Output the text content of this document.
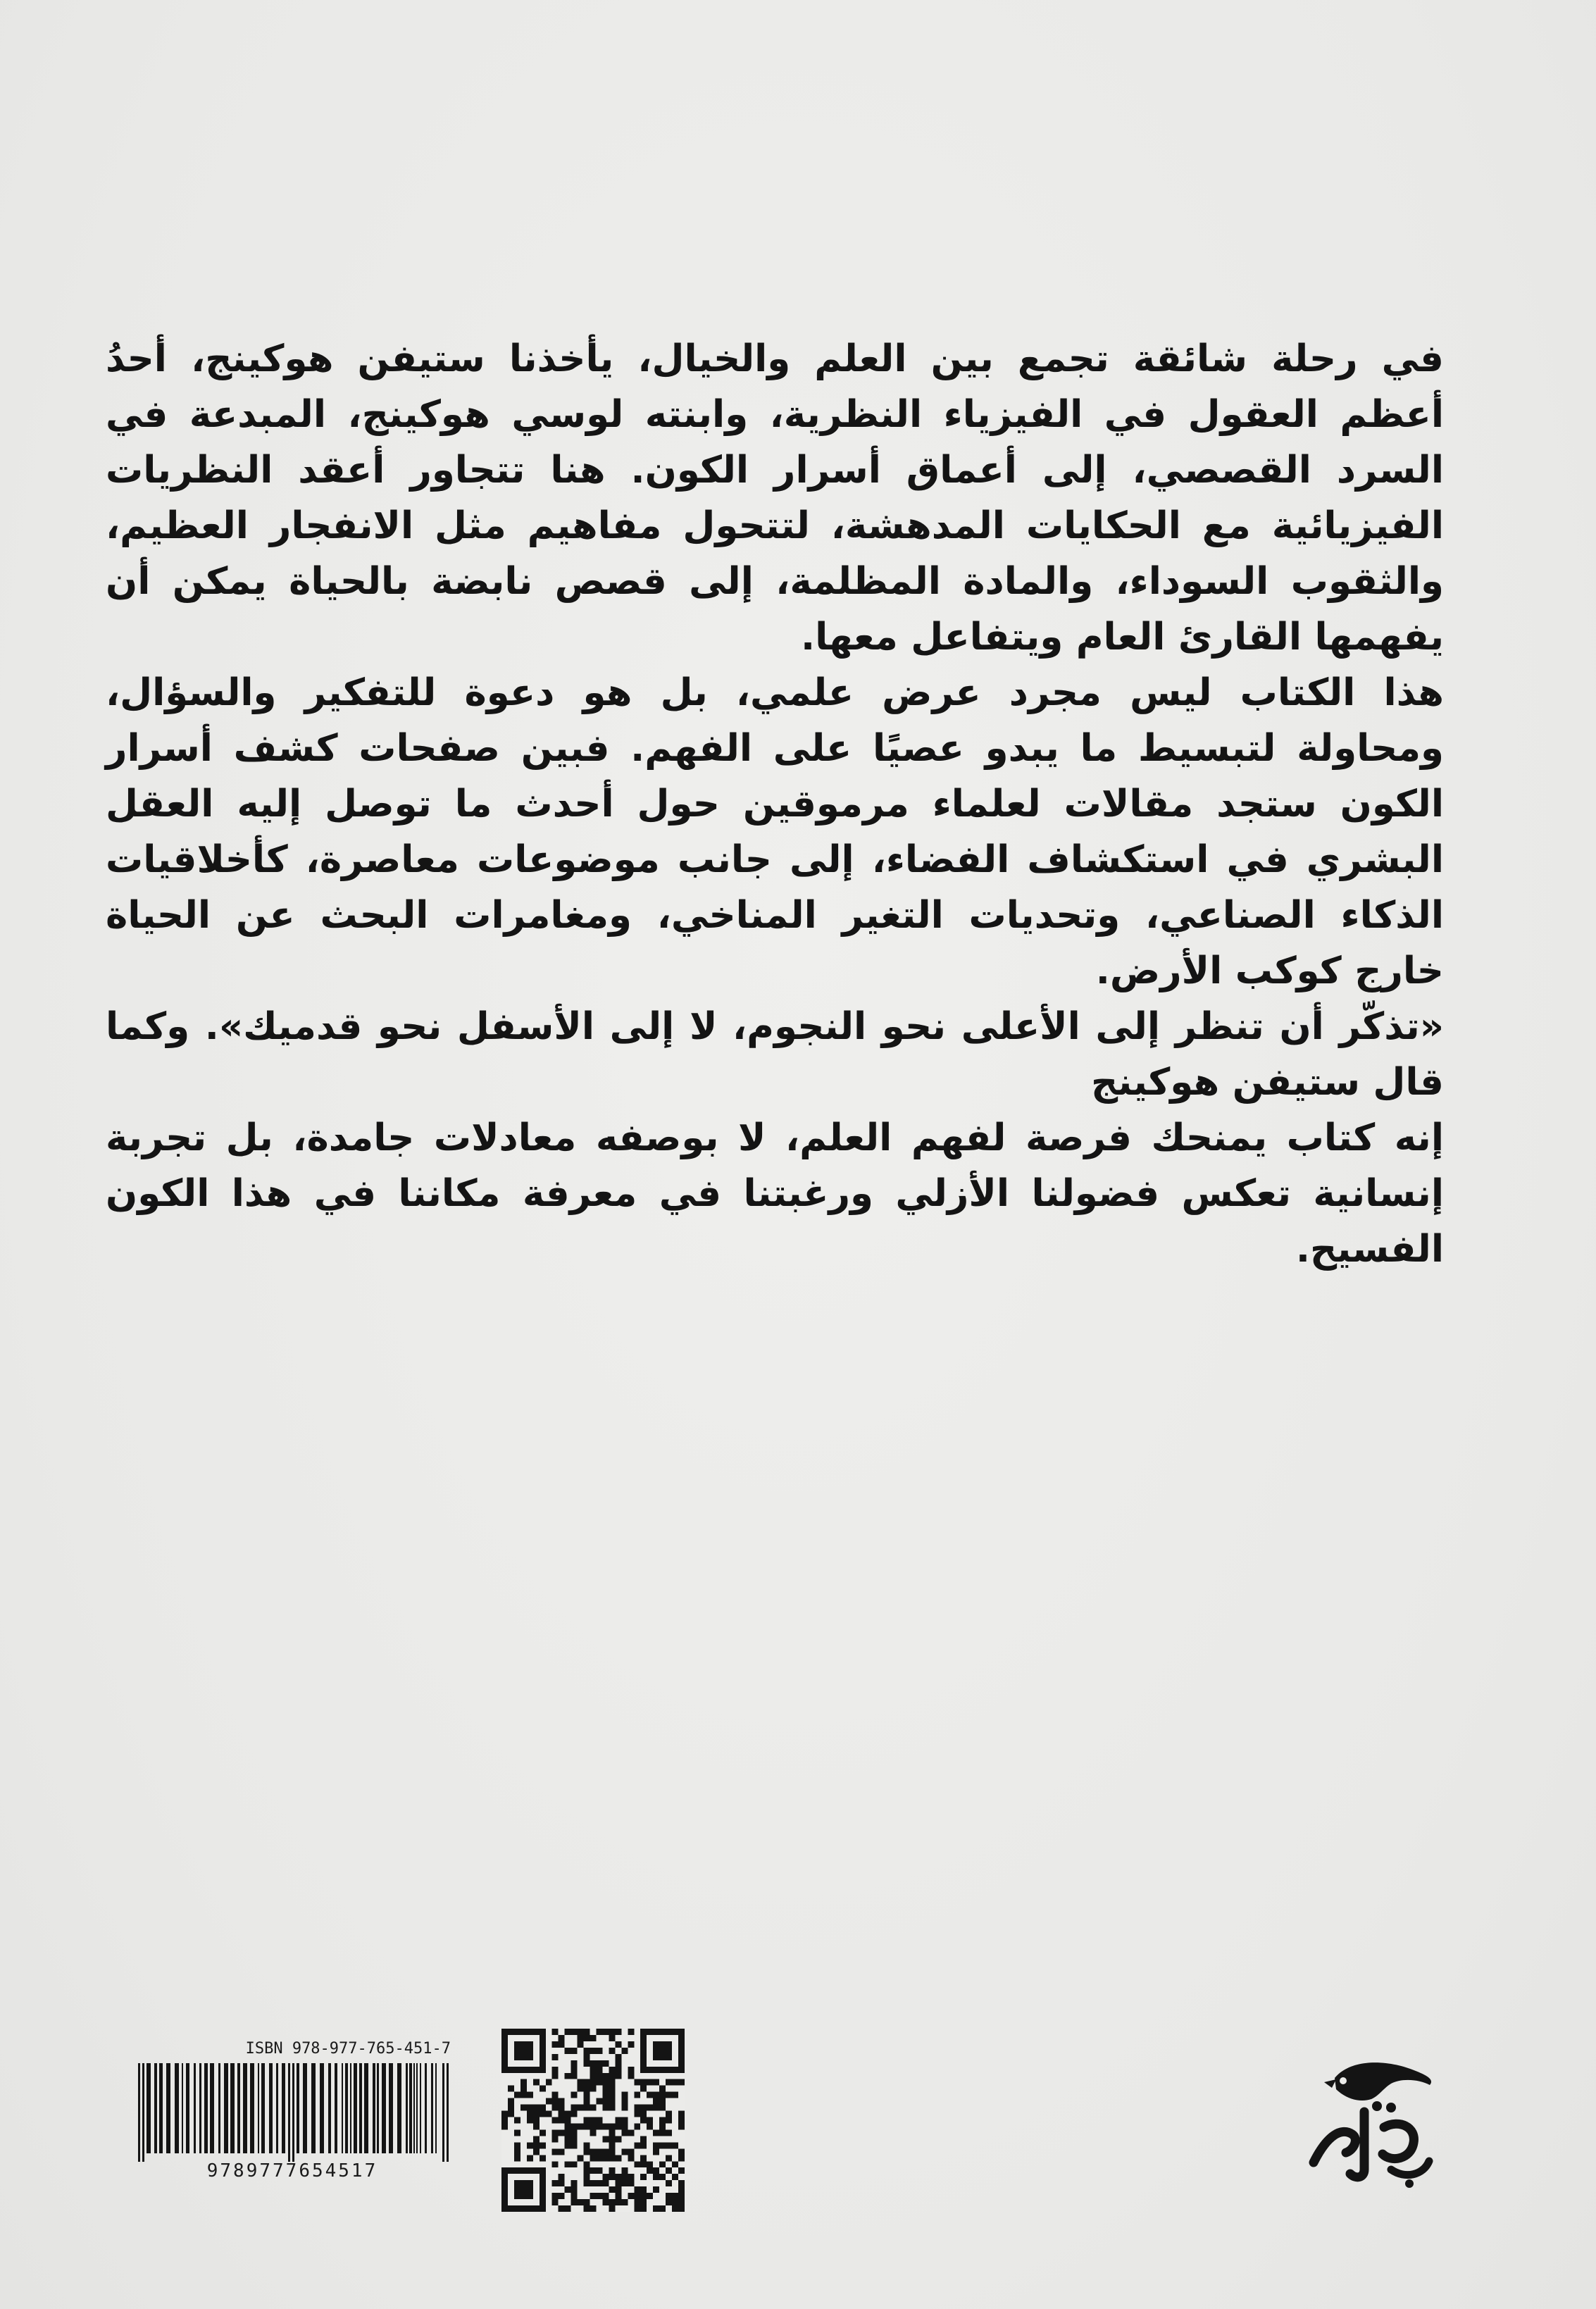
في رحلة شائقة تجمع بين العلم والخيال، يأخذنا ستيفن هوكينج، أحدُ أعظم العقول في الفيزياء النظرية، وابنته لوسي هوكينج، المبدعة في السرد القصصي، إلى أعماق أسرار الكون. هنا تتجاور أعقد النظريات الفيزيائية مع الحكايات المدهشة، لتتحول مفاهيم مثل الانفجار العظيم، والثقوب السوداء، والمادة المظلمة، إلى قصص نابضة بالحياة يمكن أن يفهمها القارئ العام ويتفاعل معها.

هذا الكتاب ليس مجرد عرض علمي، بل هو دعوة للتفكير والسؤال، ومحاولة لتبسيط ما يبدو عصيًا على الفهم. فبين صفحات كشف أسرار الكون ستجد مقالات لعلماء مرموقين حول أحدث ما توصل إليه العقل البشري في استكشاف الفضاء، إلى جانب موضوعات معاصرة، كأخلاقيات الذكاء الصناعي، وتحديات التغير المناخي، ومغامرات البحث عن الحياة خارج كوكب الأرض.

«تذكّر أن تنظر إلى الأعلى نحو النجوم، لا إلى الأسفل نحو قدميك». وكما قال ستيفن هوكينج

إنه كتاب يمنحك فرصة لفهم العلم، لا بوصفه معادلات جامدة، بل تجربة إنسانية تعكس فضولنا الأزلي ورغبتنا في معرفة مكاننا في هذا الكون الفسيح.

ISBN 978-977-765-451-7
9789777654517
